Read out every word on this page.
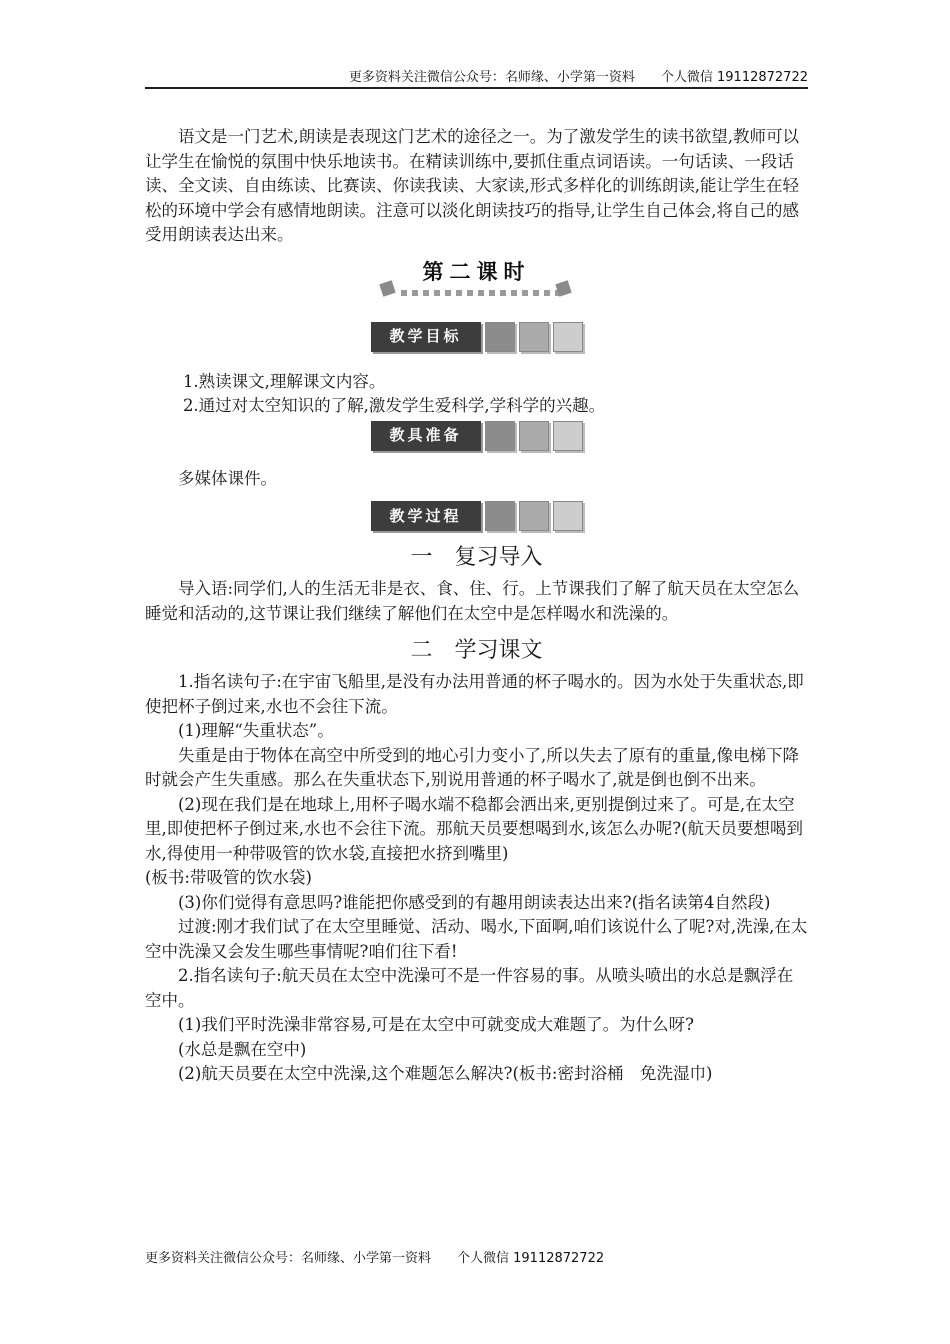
更多资料关注微信公众号：名师缘、小学第一资料　　个人微信 19112872722

语文是一门艺术,朗读是表现这门艺术的途径之一。为了激发学生的读书欲望,教师可以让学生在愉悦的氛围中快乐地读书。在精读训练中,要抓住重点词语读。一句话读、一段话读、全文读、自由练读、比赛读、你读我读、大家读,形式多样化的训练朗读,能让学生在轻松的环境中学会有感情地朗读。注意可以淡化朗读技巧的指导,让学生自己体会,将自己的感受用朗读表达出来。

第二课时
教学目标

1.熟读课文,理解课文内容。

2.通过对太空知识的了解,激发学生爱科学,学科学的兴趣。

教具准备

多媒体课件。

教学过程
一　复习导入

导入语:同学们,人的生活无非是衣、食、住、行。上节课我们了解了航天员在太空怎么睡觉和活动的,这节课让我们继续了解他们在太空中是怎样喝水和洗澡的。

二　学习课文

1.指名读句子:在宇宙飞船里,是没有办法用普通的杯子喝水的。因为水处于失重状态,即使把杯子倒过来,水也不会往下流。

(1)理解“失重状态”。

失重是由于物体在高空中所受到的地心引力变小了,所以失去了原有的重量,像电梯下降时就会产生失重感。那么在失重状态下,别说用普通的杯子喝水了,就是倒也倒不出来。

(2)现在我们是在地球上,用杯子喝水端不稳都会洒出来,更别提倒过来了。可是,在太空里,即使把杯子倒过来,水也不会往下流。那航天员要想喝到水,该怎么办呢?(航天员要想喝到水,得使用一种带吸管的饮水袋,直接把水挤到嘴里)

(板书:带吸管的饮水袋)

(3)你们觉得有意思吗?谁能把你感受到的有趣用朗读表达出来?(指名读第4自然段)

过渡:刚才我们试了在太空里睡觉、活动、喝水,下面啊,咱们该说什么了呢?对,洗澡,在太空中洗澡又会发生哪些事情呢?咱们往下看!

2.指名读句子:航天员在太空中洗澡可不是一件容易的事。从喷头喷出的水总是飘浮在空中。

(1)我们平时洗澡非常容易,可是在太空中可就变成大难题了。为什么呀?

(水总是飘在空中)

(2)航天员要在太空中洗澡,这个难题怎么解决?(板书:密封浴桶　免洗湿巾)

更多资料关注微信公众号：名师缘、小学第一资料　　个人微信 19112872722
